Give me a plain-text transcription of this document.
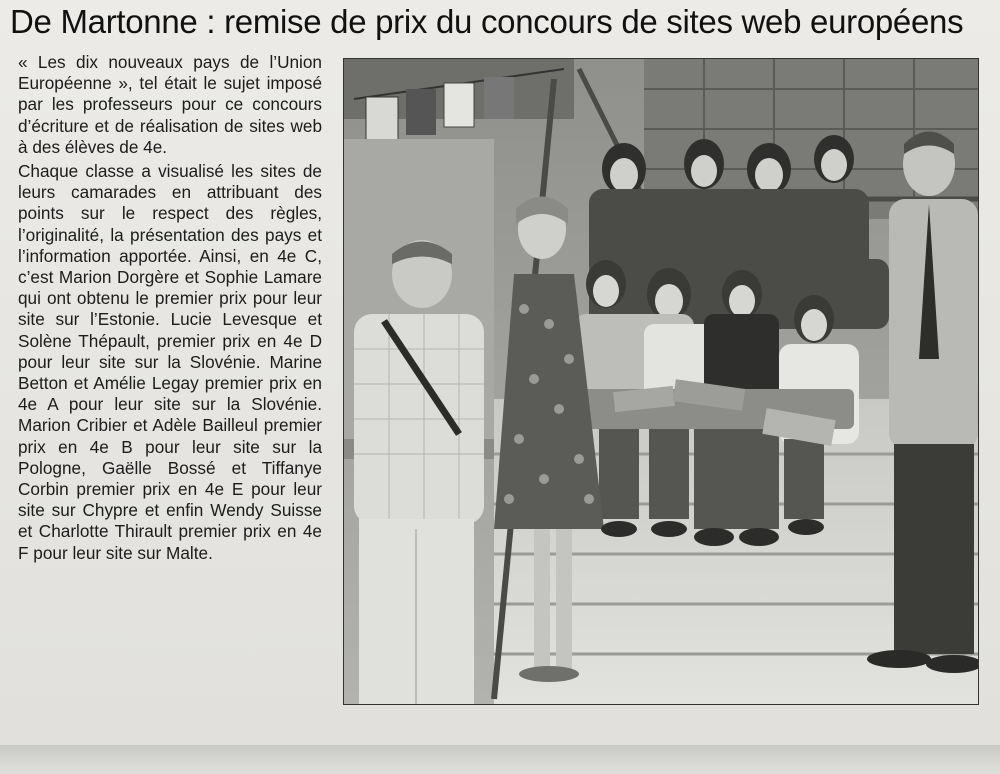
De Martonne : remise de prix du concours de sites web européens

« Les dix nouveaux pays de l’Union Européenne », tel était le sujet imposé par les professeurs pour ce concours d’écriture et de réalisation de sites web à des élèves de 4e.

Chaque classe a visualisé les sites de leurs camarades en attribuant des points sur le respect des règles, l’originalité, la présentation des pays et l’information apportée. Ainsi, en 4e C, c’est Marion Dorgère et Sophie Lamare qui ont obtenu le premier prix pour leur site sur l’Estonie. Lucie Levesque et Solène Thépault, premier prix en 4e D pour leur site sur la Slovénie. Marine Betton et Amélie Legay premier prix en 4e A pour leur site sur la Slovénie. Marion Cribier et Adèle Bailleul premier prix en 4e B pour leur site sur la Pologne, Gaëlle Bossé et Tiffanye Corbin premier prix en 4e E pour leur site sur Chypre et enfin Wendy Suisse et Charlotte Thirault premier prix en 4e F pour leur site sur Malte.
